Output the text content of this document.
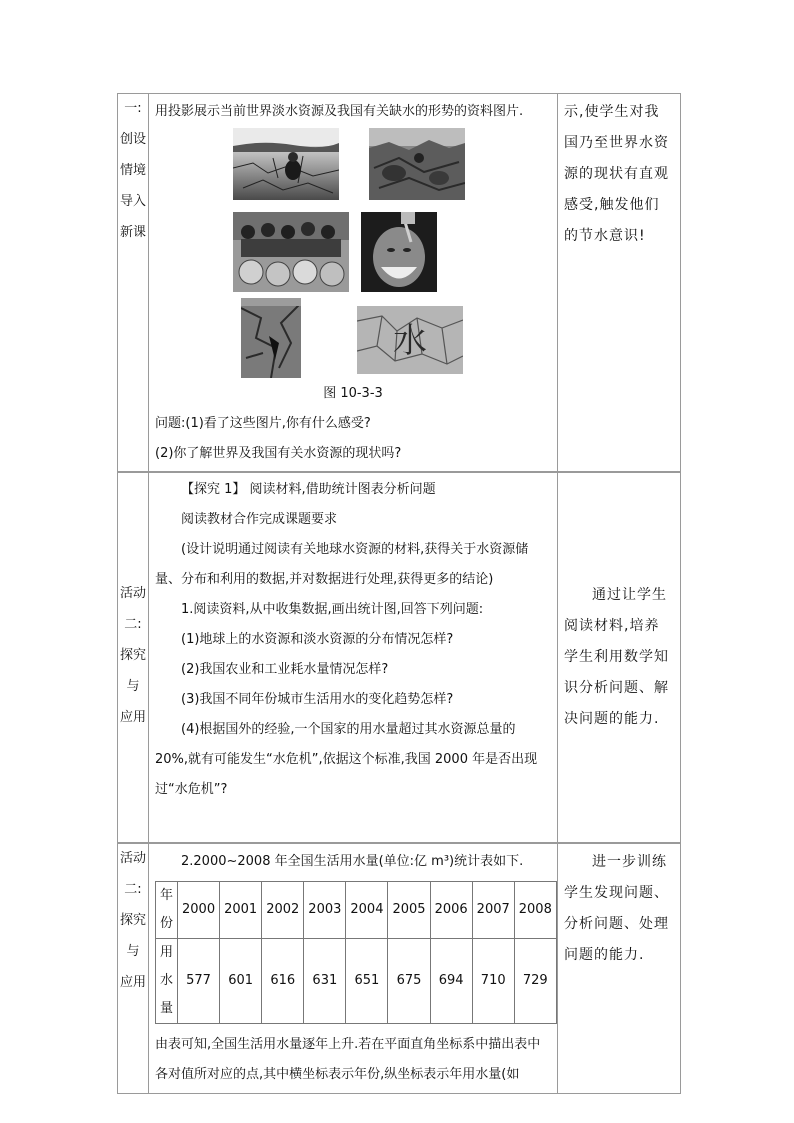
一:
创设
情境
导入
新课

用投影展示当前世界淡水资源及我国有关缺水的形势的资料图片.

水

图 10-3-3

问题:(1)看了这些图片,你有什么感受?

(2)你了解世界及我国有关水资源的现状吗?

	示,使学生对我国乃至世界水资源的现状有直观感受,触发他们的节水意识!
活动
二:
探究
与
应用

【探究 1】 阅读材料,借助统计图表分析问题

阅读教材合作完成课题要求

(设计说明通过阅读有关地球水资源的材料,获得关于水资源储量、分布和利用的数据,并对数据进行处理,获得更多的结论)

1.阅读资料,从中收集数据,画出统计图,回答下列问题:

(1)地球上的水资源和淡水资源的分布情况怎样?

(2)我国农业和工业耗水量情况怎样?

(3)我国不同年份城市生活用水的变化趋势怎样?

(4)根据国外的经验,一个国家的用水量超过其水资源总量的 20%,就有可能发生“水危机”,依据这个标准,我国 2000 年是否出现过“水危机”?

	通过让学生阅读材料,培养学生利用数学知识分析问题、解决问题的能力.
活动
二:
探究
与
应用

2.2000~2008 年全国生活用水量(单位:亿 m³)统计表如下.

年份	2000	2001	2002	2003	2004	2005	2006	2007	2008
用水量	577	601	616	631	651	675	694	710	729

由表可知,全国生活用水量逐年上升.若在平面直角坐标系中描出表中各对值所对应的点,其中横坐标表示年份,纵坐标表示年用水量(如

	进一步训练学生发现问题、分析问题、处理问题的能力.
